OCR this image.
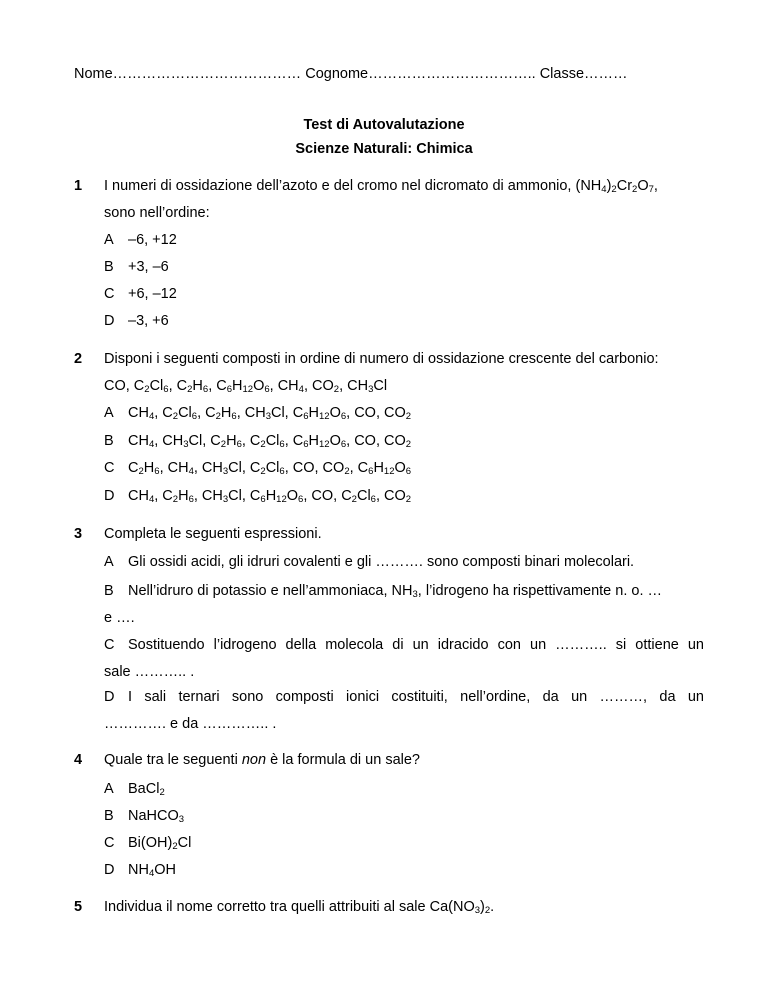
Nome………………………………… Cognome…………………………….. Classe………
Test di Autovalutazione
Scienze Naturali: Chimica
1 I numeri di ossidazione dell’azoto e del cromo nel dicromato di ammonio, $(NH_4)_2Cr_2O_7$,
sono nell’ordine:
A –6, +12
B +3, –6
C +6, –12
D –3, +6
2 Disponi i seguenti composti in ordine di numero di ossidazione crescente del carbonio:
CO, $C_2Cl_6$, $C_2H_6$, $C_6H_{12}O_6$, $CH_4$, $CO_2$, $CH_3Cl$
A $CH_4$, $C_2Cl_6$, $C_2H_6$, $CH_3Cl$, $C_6H_{12}O_6$, CO, $CO_2$
B $CH_4$, $CH_3Cl$, $C_2H_6$, $C_2Cl_6$, $C_6H_{12}O_6$, CO, $CO_2$
C $C_2H_6$, $CH_4$, $CH_3Cl$, $C_2Cl_6$, CO, $CO_2$, $C_6H_{12}O_6$
D $CH_4$, $C_2H_6$, $CH_3Cl$, $C_6H_{12}O_6$, CO, $C_2Cl_6$, $CO_2$
3 Completa le seguenti espressioni.
A Gli ossidi acidi, gli idruri covalenti e gli ………. sono composti binari molecolari.
B Nell’idruro di potassio e nell’ammoniaca, $NH_3$, l’idrogeno ha rispettivamente n. o. …
e ….
C Sostituendo l’idrogeno della molecola di un idracido con un ……….. si ottiene un
sale ……….. .
D I sali ternari sono composti ionici costituiti, nell’ordine, da un ………, da un
…………. e da ………….. .
4 Quale tra le seguenti non è la formula di un sale?
A BaCl$_2$
B NaHCO$_3$
C $Bi(OH)_2Cl$
D $NH_4OH$
5 Individua il nome corretto tra quelli attribuiti al sale $Ca(NO_3)_2$.
